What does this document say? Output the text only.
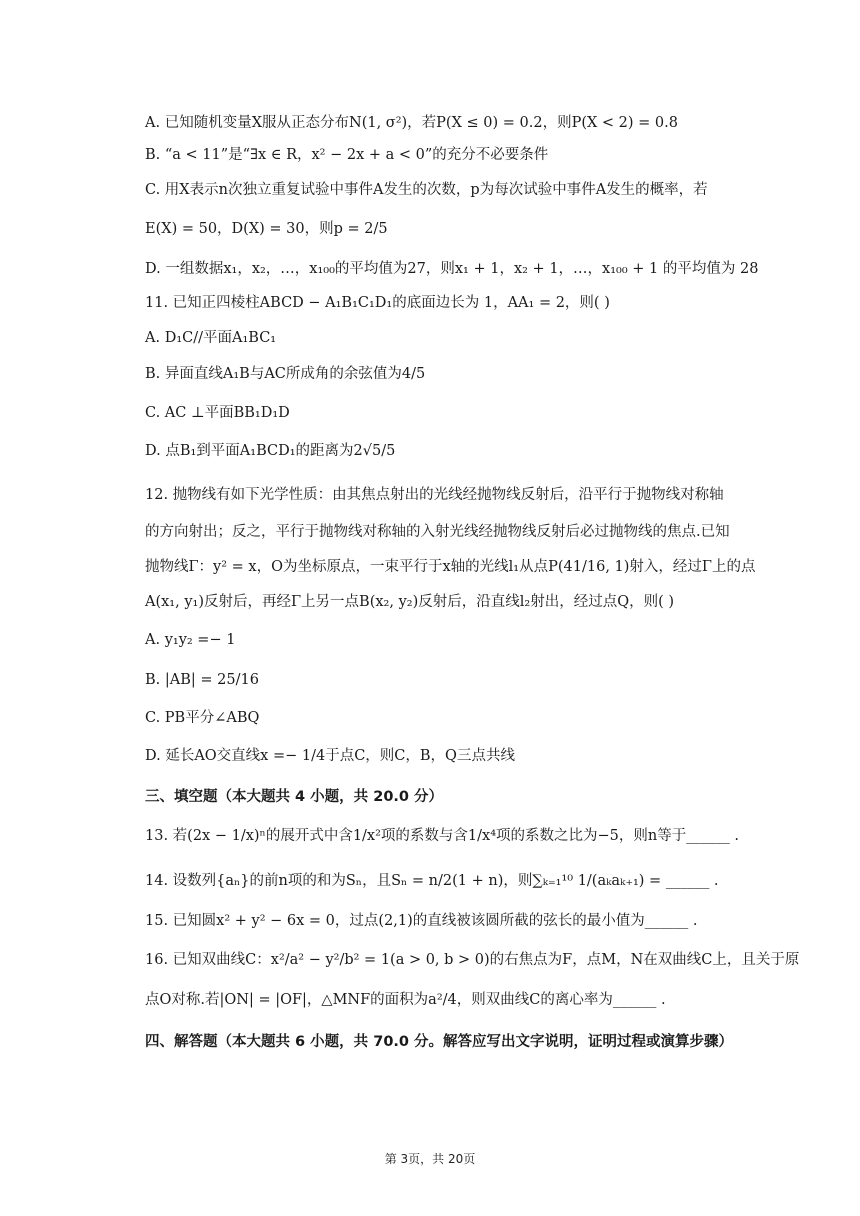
A. 已知随机变量X服从正态分布N(1, σ²)，若P(X ≤ 0) = 0.2，则P(X < 2) = 0.8
B. “a < 11”是“∃x ∈ R，x² − 2x + a < 0”的充分不必要条件
C. 用X表示n次独立重复试验中事件A发生的次数，p为每次试验中事件A发生的概率，若
E(X) = 50，D(X) = 30，则p = 2/5
D. 一组数据x₁，x₂，…，x₁₀₀的平均值为27，则x₁ + 1，x₂ + 1，…，x₁₀₀ + 1 的平均值为 28
11. 已知正四棱柱ABCD − A₁B₁C₁D₁的底面边长为 1，AA₁ = 2，则( )
A. D₁C//平面A₁BC₁
B. 异面直线A₁B与AC所成角的余弦值为4/5
C. AC ⊥平面BB₁D₁D
D. 点B₁到平面A₁BCD₁的距离为2√5/5
12. 抛物线有如下光学性质：由其焦点射出的光线经抛物线反射后，沿平行于抛物线对称轴
的方向射出；反之，平行于抛物线对称轴的入射光线经抛物线反射后必过抛物线的焦点.已知
抛物线Γ：y² = x，O为坐标原点，一束平行于x轴的光线l₁从点P(41/16, 1)射入，经过Γ上的点
A(x₁, y₁)反射后，再经Γ上另一点B(x₂, y₂)反射后，沿直线l₂射出，经过点Q，则( )
A. y₁y₂ =− 1
B. |AB| = 25/16
C. PB平分∠ABQ
D. 延长AO交直线x =− 1/4于点C，则C，B，Q三点共线
三、填空题（本大题共 4 小题，共 20.0 分）
13. 若(2x − 1/x)ⁿ的展开式中含1/x²项的系数与含1/x⁴项的系数之比为−5，则n等于______ .
14. 设数列{aₙ}的前n项的和为Sₙ，且Sₙ = n/2(1 + n)，则∑ₖ₌₁¹⁰ 1/(aₖaₖ₊₁) = ______ .
15. 已知圆x² + y² − 6x = 0，过点(2,1)的直线被该圆所截的弦长的最小值为______ .
16. 已知双曲线C：x²/a² − y²/b² = 1(a > 0, b > 0)的右焦点为F，点M，N在双曲线C上，且关于原
点O对称.若|ON| = |OF|，△MNF的面积为a²/4，则双曲线C的离心率为______ .
四、解答题（本大题共 6 小题，共 70.0 分。解答应写出文字说明，证明过程或演算步骤）
第 3页，共 20页
